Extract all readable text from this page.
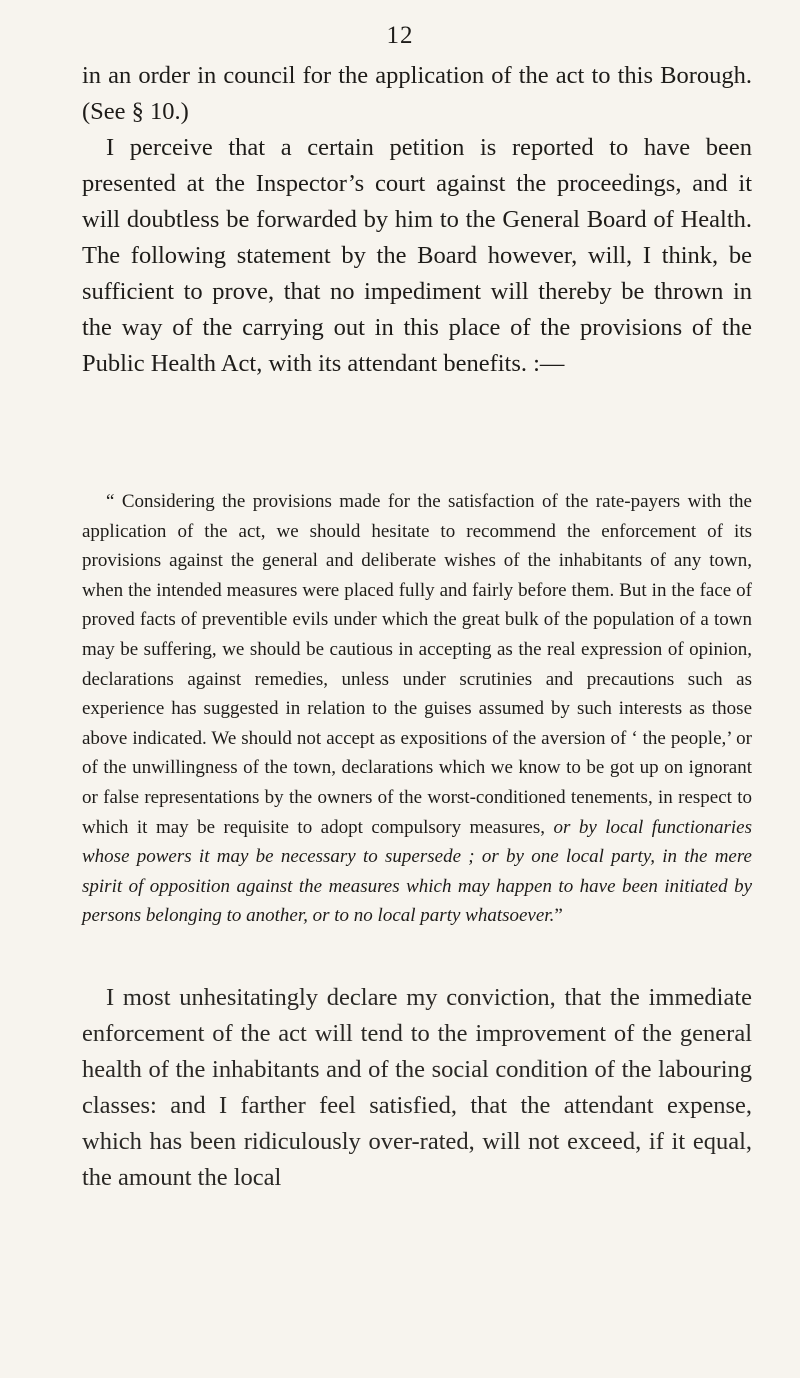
12

in an order in council for the application of the act to this Borough. (See § 10.)
I perceive that a certain petition is reported to have been presented at the Inspector’s court against the proceedings, and it will doubtless be forwarded by him to the General Board of Health. The following statement by the Board however, will, I think, be sufficient to prove, that no impediment will thereby be thrown in the way of the carrying out in this place of the provisions of the Public Health Act, with its attendant benefits. :—

“ Considering the provisions made for the satisfaction of the rate-payers with the application of the act, we should hesitate to recommend the enforcement of its provisions against the general and deliberate wishes of the inhabitants of any town, when the intended measures were placed fully and fairly before them. But in the face of proved facts of preventible evils under which the great bulk of the population of a town may be suffering, we should be cautious in accepting as the real expression of opinion, declarations against remedies, unless under scrutinies and precautions such as experience has suggested in relation to the guises assumed by such interests as those above indicated. We should not accept as expositions of the aversion of ‘ the people,’ or of the unwillingness of the town, declarations which we know to be got up on ignorant or false representations by the owners of the worst-conditioned tenements, in respect to which it may be requisite to adopt compulsory measures, or by local functionaries whose powers it may be necessary to supersede ; or by one local party, in the mere spirit of opposition against the measures which may happen to have been initiated by persons belonging to another, or to no local party whatsoever.”

I most unhesitatingly declare my conviction, that the immediate enforcement of the act will tend to the improvement of the general health of the inhabitants and of the social condition of the labouring classes: and I farther feel satisfied, that the attendant expense, which has been ridiculously over-rated, will not exceed, if it equal, the amount the local
